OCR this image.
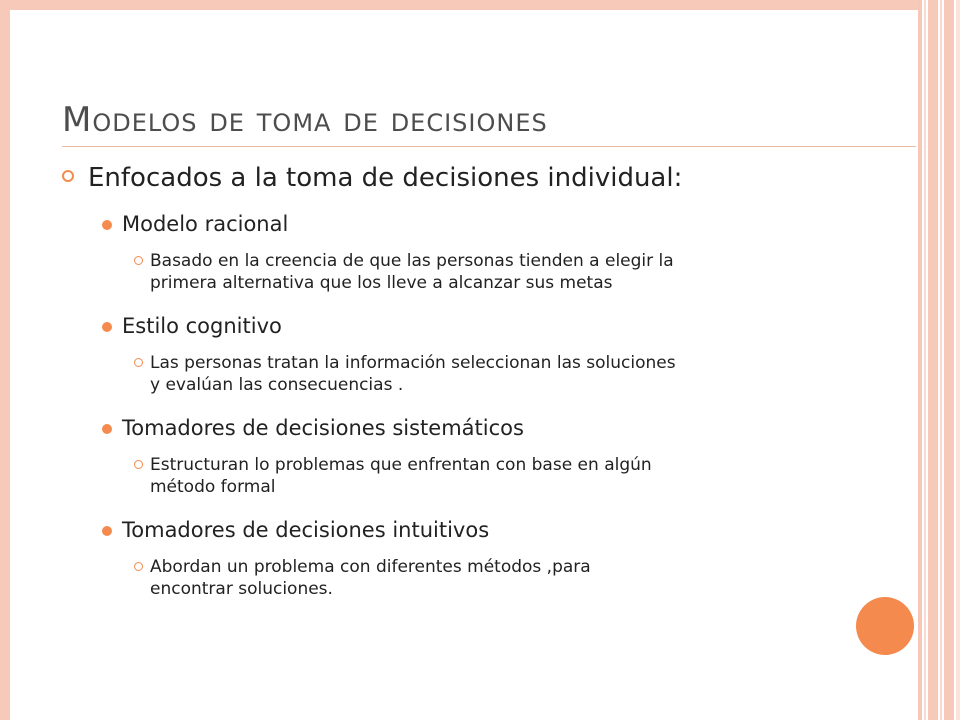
Modelos de toma de decisiones
Enfocados a la toma de decisiones individual:
Modelo racional
Basado en la creencia de que las personas tienden a elegir la
primera alternativa que los lleve a alcanzar sus metas
Estilo cognitivo
Las personas tratan la información seleccionan las soluciones
y evalúan las consecuencias .
Tomadores de decisiones sistemáticos
Estructuran lo problemas que enfrentan con base en algún
método formal
Tomadores de decisiones intuitivos
Abordan un problema con diferentes métodos ,para
encontrar soluciones.
